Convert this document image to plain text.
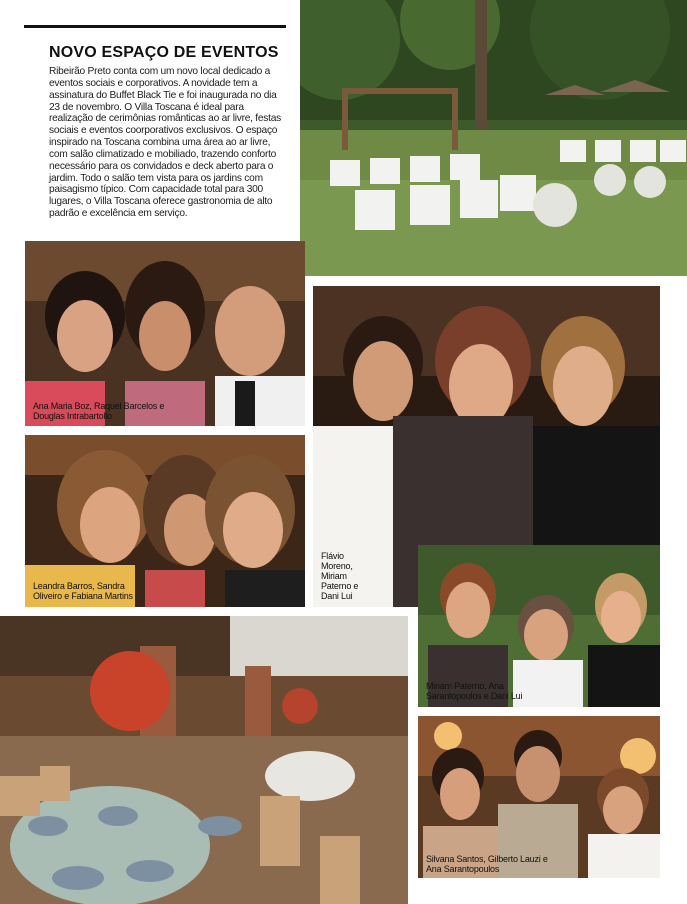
NOVO ESPAÇO DE EVENTOS

Ribeirão Preto conta com um novo local dedicado a eventos sociais e corporativos. A novidade tem a assinatura do Buffet Black Tie e foi inaugurada no dia 23 de novembro. O Villa Toscana é ideal para realização de cerimônias românticas ao ar livre, festas sociais e eventos coorporativos exclusivos. O espaço inspirado na Toscana combina uma área ao ar livre, com salão climatizado e mobiliado, trazendo conforto necessário para os convidados e deck aberto para o jardim. Todo o salão tem vista para os jardins com paisagismo típico. Com capacidade total para 300 lugares, o Villa Toscana oferece gastronomia de alto padrão e excelência em serviço.

Ana Maria Boz, Raquel Barcelos e Douglas Intrabartollo
Leandra Barros, Sandra Oliveiro e Fabiana Martins
Flávio Moreno, Miriam Paterno e Dani Lui
Miriam Paterno, Ana Sarantopoulos e Dani Lui
Silvana Santos, Gilberto Lauzi e Ana Sarantopoulos
